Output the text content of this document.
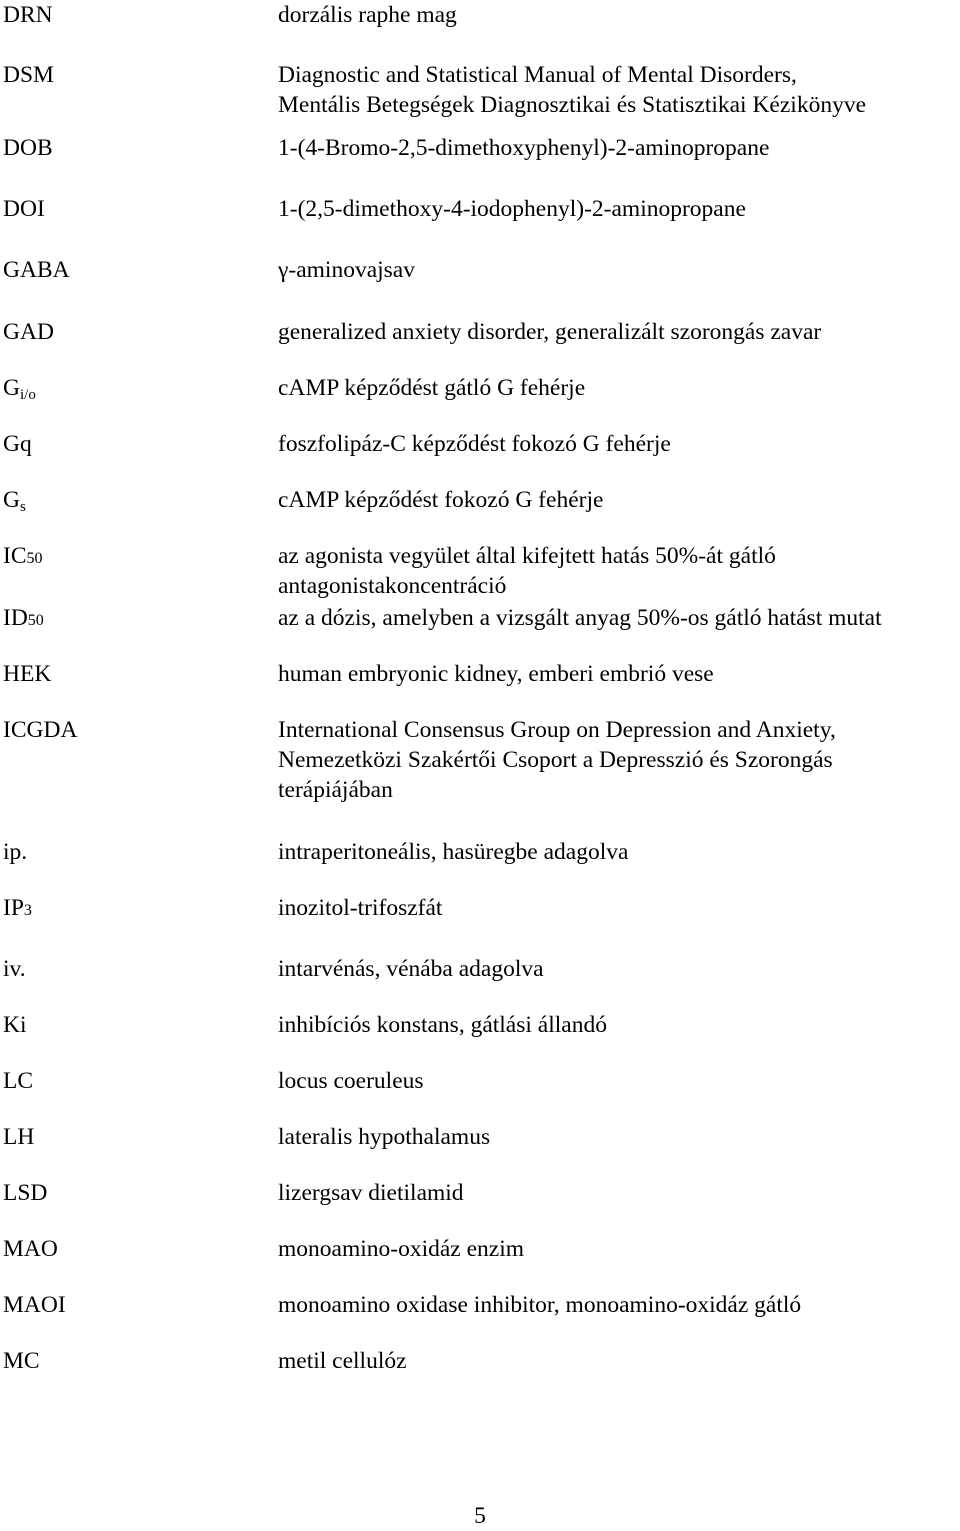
DRN	dorzális raphe mag
DSM	Diagnostic and Statistical Manual of Mental Disorders,
Mentális Betegségek Diagnosztikai és Statisztikai Kézikönyve
DOB	1-(4-Bromo-2,5-dimethoxyphenyl)-2-aminopropane
DOI	1-(2,5-dimethoxy-4-iodophenyl)-2-aminopropane
GABA	γ-aminovajsav
GAD	generalized anxiety disorder, generalizált szorongás zavar
$G_{i/o}$	cAMP képződést gátló G fehérje
Gq	foszfolipáz-C képződést fokozó G fehérje
$G_s$	cAMP képződést fokozó G fehérje
IC50	az agonista vegyület által kifejtett hatás 50%-át gátló
antagonistakoncentráció
ID50	az a dózis, amelyben a vizsgált anyag 50%-os gátló hatást mutat
HEK	human embryonic kidney, emberi embrió vese
ICGDA	International Consensus Group on Depression and Anxiety,
Nemezetközi Szakértői Csoport a Depresszió és Szorongás
terápiájában
ip.	intraperitoneális, hasüregbe adagolva
IP3	inozitol-trifoszfát
iv.	intarvénás, vénába adagolva
Ki	inhibíciós konstans, gátlási állandó
LC	locus coeruleus
LH	lateralis hypothalamus
LSD	lizergsav dietilamid
MAO	monoamino-oxidáz enzim
MAOI	monoamino oxidase inhibitor, monoamino-oxidáz gátló
MC	metil cellulóz
5
